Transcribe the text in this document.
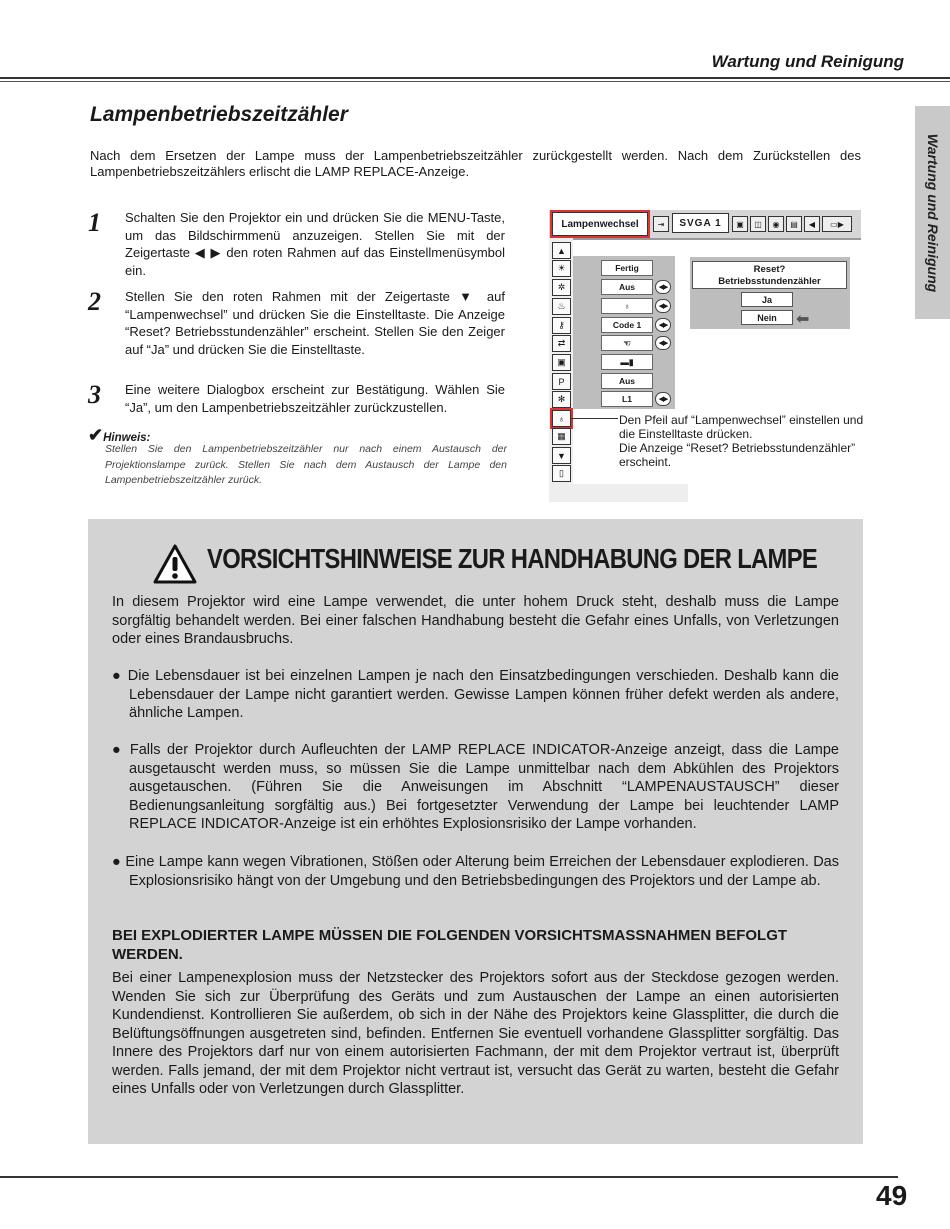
Wartung und Reinigung
Wartung und Reinigung
Lampenbetriebszeitzähler
Nach dem Ersetzen der Lampe muss der Lampenbetriebszeitzähler zurückgestellt werden. Nach dem Zurückstellen des Lampenbetriebszeitzählers erlischt die LAMP REPLACE-Anzeige.
1 Schalten Sie den Projektor ein und drücken Sie die MENU-Taste, um das Bildschirmmenü anzuzeigen. Stellen Sie mit der Zeigertaste ◀ ▶ den roten Rahmen auf das Einstellmenüsymbol ein.
2 Stellen Sie den roten Rahmen mit der Zeigertaste ▼ auf “Lampenwechsel” und drücken Sie die Einstelltaste. Die Anzeige “Reset? Betriebsstundenzähler” erscheint. Stellen Sie den Zeiger auf “Ja” und drücken Sie die Einstelltaste.
3 Eine weitere Dialogbox erscheint zur Bestätigung. Wählen Sie “Ja”, um den Lampenbetriebszeitzähler zurückzustellen.
✔Hinweis:
Stellen Sie den Lampenbetriebszeitzähler nur nach einem Austausch der Projektionslampe zurück. Stellen Sie nach dem Austausch der Lampe den Lampenbetriebszeitzähler zurück.
Lampenwechsel	⇥	SVGA 1	▣	◫	◉	▤	◀	▭▶
▲
☀
✲
♨
⚷
⇄
▣
P
✻
♁
▦
▼
▯
Fertig
Aus	◀▶
♁	◀▶
Code 1	◀▶
☜	◀▶
▬▮
Aus
L1	◀▶
Reset?
Betriebsstundenzähler
Ja
Nein	⬅
Den Pfeil auf “Lampenwechsel” einstellen und die Einstelltaste drücken.
Die Anzeige “Reset? Betriebsstundenzähler” erscheint.
VORSICHTSHINWEISE ZUR HANDHABUNG DER LAMPE
In diesem Projektor wird eine Lampe verwendet, die unter hohem Druck steht, deshalb muss die Lampe sorgfältig behandelt werden. Bei einer falschen Handhabung besteht die Gefahr eines Unfalls, von Verletzungen oder eines Brandausbruchs.
● Die Lebensdauer ist bei einzelnen Lampen je nach den Einsatzbedingungen verschieden. Deshalb kann die Lebensdauer der Lampe nicht garantiert werden. Gewisse Lampen können früher defekt werden als andere, ähnliche Lampen.
● Falls der Projektor durch Aufleuchten der LAMP REPLACE INDICATOR-Anzeige anzeigt, dass die Lampe ausgetauscht werden muss, so müssen Sie die Lampe unmittelbar nach dem Abkühlen des Projektors ausgetauschen. (Führen Sie die Anweisungen im Abschnitt “LAMPENAUSTAUSCH” dieser Bedienungsanleitung sorgfältig aus.) Bei fortgesetzter Verwendung der Lampe bei leuchtender LAMP REPLACE INDICATOR-Anzeige ist ein erhöhtes Explosionsrisiko der Lampe vorhanden.
● Eine Lampe kann wegen Vibrationen, Stößen oder Alterung beim Erreichen der Lebensdauer explodieren. Das Explosionsrisiko hängt von der Umgebung und den Betriebsbedingungen des Projektors und der Lampe ab.
BEI EXPLODIERTER LAMPE MÜSSEN DIE FOLGENDEN VORSICHTSMASSNAHMEN BEFOLGT WERDEN.
Bei einer Lampenexplosion muss der Netzstecker des Projektors sofort aus der Steckdose gezogen werden. Wenden Sie sich zur Überprüfung des Geräts und zum Austauschen der Lampe an einen autorisierten Kundendienst. Kontrollieren Sie außerdem, ob sich in der Nähe des Projektors keine Glassplitter, die durch die Belüftungsöffnungen ausgetreten sind, befinden. Entfernen Sie eventuell vorhandene Glassplitter sorgfältig. Das Innere des Projektors darf nur von einem autorisierten Fachmann, der mit dem Projektor vertraut ist, überprüft werden. Falls jemand, der mit dem Projektor nicht vertraut ist, versucht das Gerät zu warten, besteht die Gefahr eines Unfalls oder von Verletzungen durch Glassplitter.
49
